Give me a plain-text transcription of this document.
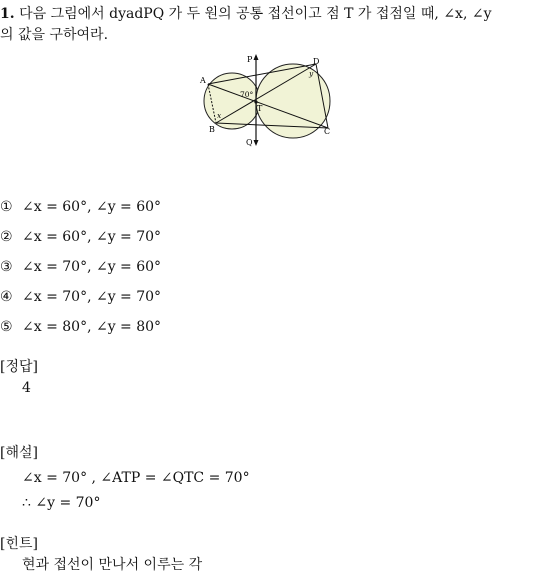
1. 다음 그림에서 dyadPQ 가 두 원의 공통 접선이고 점 T 가 접점일 때, ∠x, ∠y
의 값을 구하여라.
P
Q
A
B	C
D
T
70°
x
y
① ∠x = 60°, ∠y = 60°
② ∠x = 60°, ∠y = 70°
③ ∠x = 70°, ∠y = 60°
④ ∠x = 70°, ∠y = 70°
⑤ ∠x = 80°, ∠y = 80°
[정답]
4
[해설]
∠x = 70° , ∠ATP = ∠QTC = 70°
∴ ∠y = 70°
[힌트]
현과 접선이 만나서 이루는 각
